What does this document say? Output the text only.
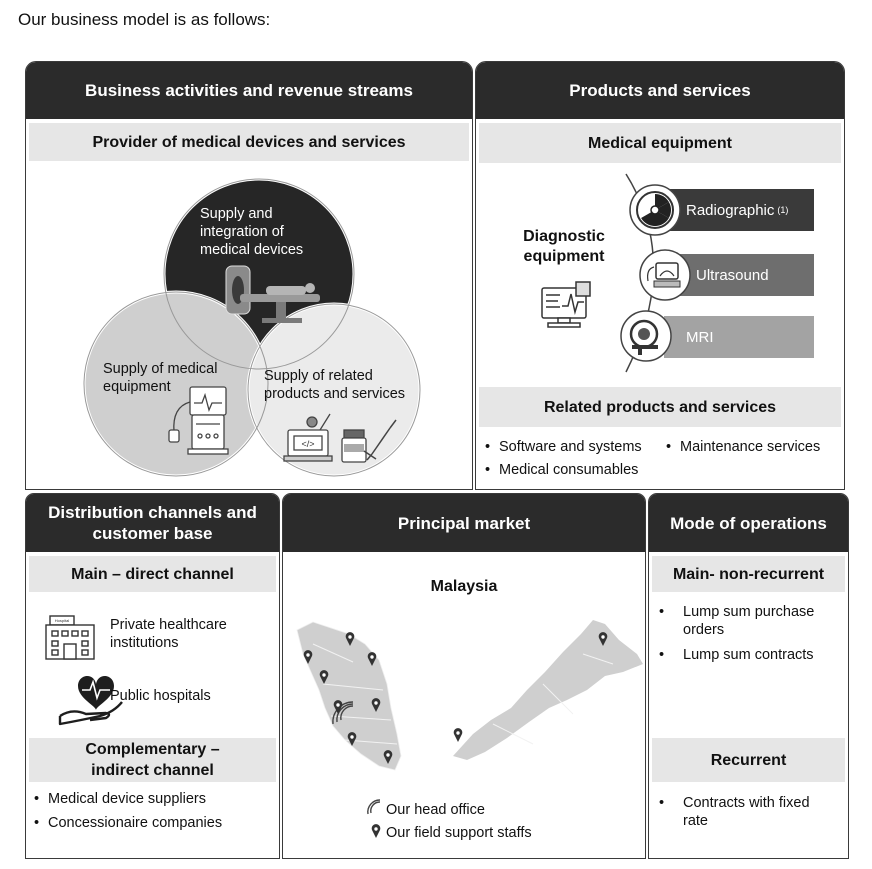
Our business model is as follows:
Business activities and revenue streams
Provider of medical devices and services
</>
Supply and integration of medical devices
Supply of medical equipment
Supply of related products and services
Products and services
Medical equipment
Diagnostic equipment
Radiographic (1)
Ultrasound
MRI
Related products and services
• Software and systems
•	Maintenance services
• Medical consumables
Distribution channels and customer base
Main – direct channel
Hospital	Private healthcare institutions
Public hospitals
Complementary – indirect channel
• Medical device suppliers
• Concessionaire companies
Principal market
Malaysia
Our head office
Our field support staffs
Mode of operations
Main- non-recurrent
• Lump sum purchase orders
• Lump sum contracts
Recurrent
• Contracts with fixed rate
